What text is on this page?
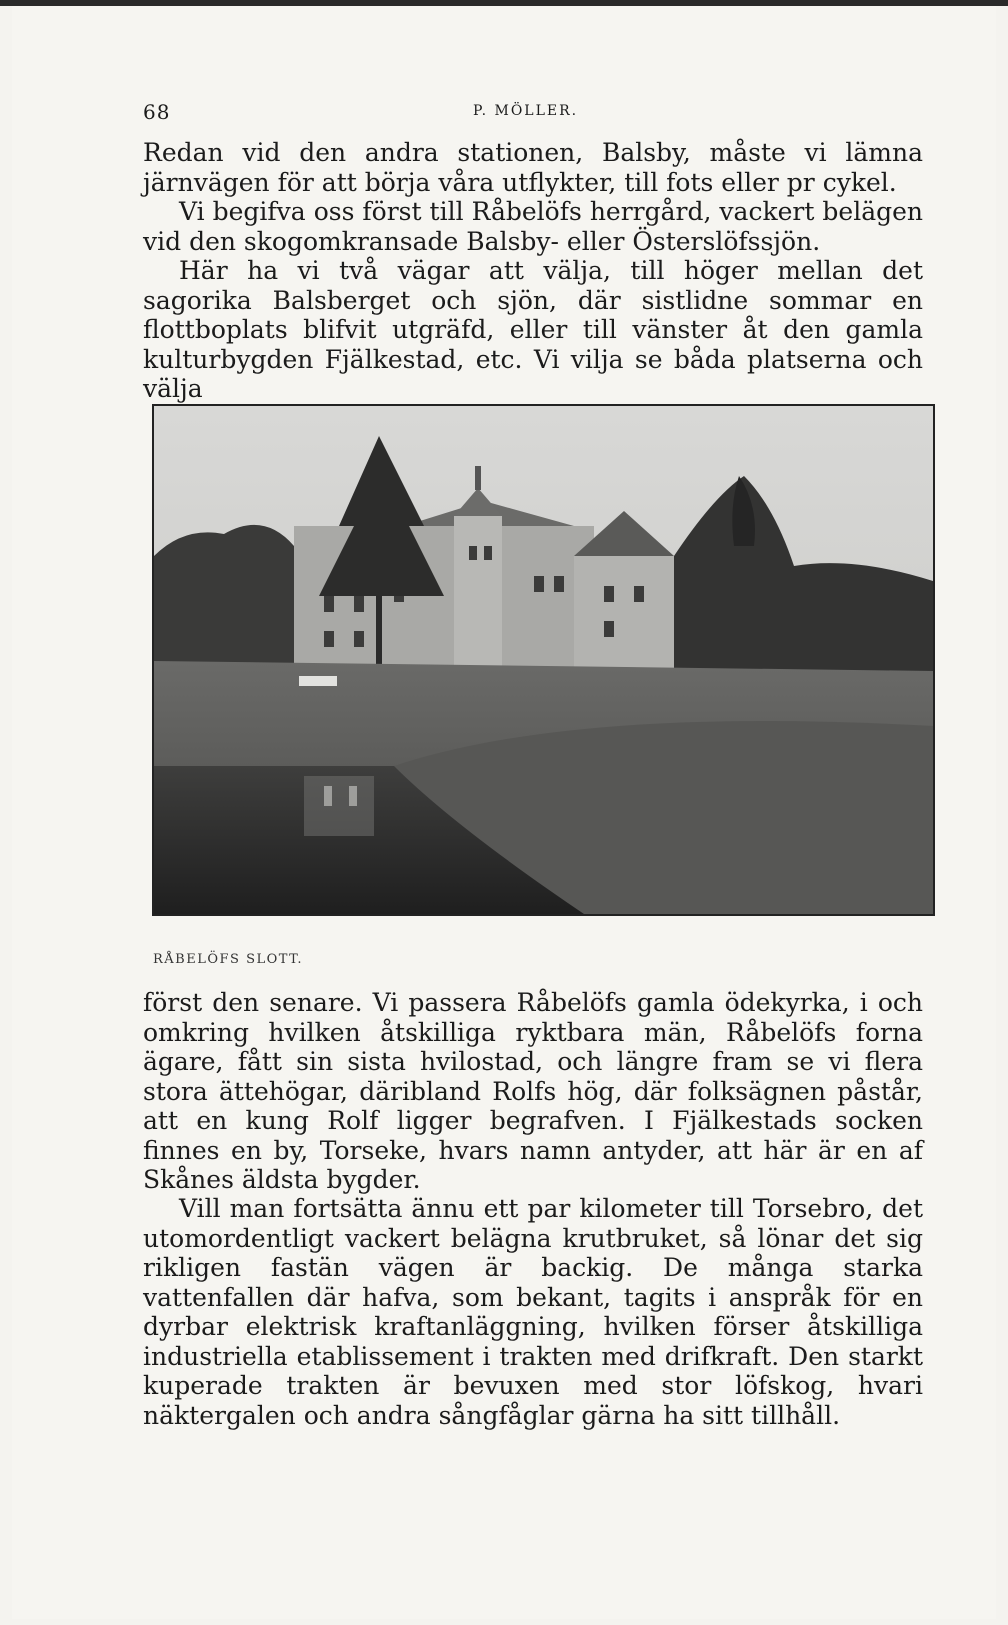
68	P. MÖLLER.

Redan vid den andra stationen, Balsby, måste vi lämna järnvägen för att börja våra utflykter, till fots eller pr cykel.

Vi begifva oss först till Råbelöfs herrgård, vackert belägen vid den skogomkransade Balsby- eller Österslöfssjön.

Här ha vi två vägar att välja, till höger mellan det sagorika Balsberget och sjön, där sistlidne sommar en flottboplats blifvit utgräfd, eller till vänster åt den gamla kulturbygden Fjälkestad, etc. Vi vilja se båda platserna och välja

RÅBELÖFS SLOTT.

först den senare. Vi passera Råbelöfs gamla ödekyrka, i och omkring hvilken åtskilliga ryktbara män, Råbelöfs forna ägare, fått sin sista hvilostad, och längre fram se vi flera stora ättehögar, däribland Rolfs hög, där folksägnen påstår, att en kung Rolf ligger begrafven. I Fjälkestads socken finnes en by, Torseke, hvars namn antyder, att här är en af Skånes äldsta bygder.

Vill man fortsätta ännu ett par kilometer till Torsebro, det utomordentligt vackert belägna krutbruket, så lönar det sig rikligen fastän vägen är backig. De många starka vattenfallen där hafva, som bekant, tagits i anspråk för en dyrbar elektrisk kraftanläggning, hvilken förser åtskilliga industriella etablissement i trakten med drifkraft. Den starkt kuperade trakten är bevuxen med stor löfskog, hvari näktergalen och andra sångfåglar gärna ha sitt tillhåll.
